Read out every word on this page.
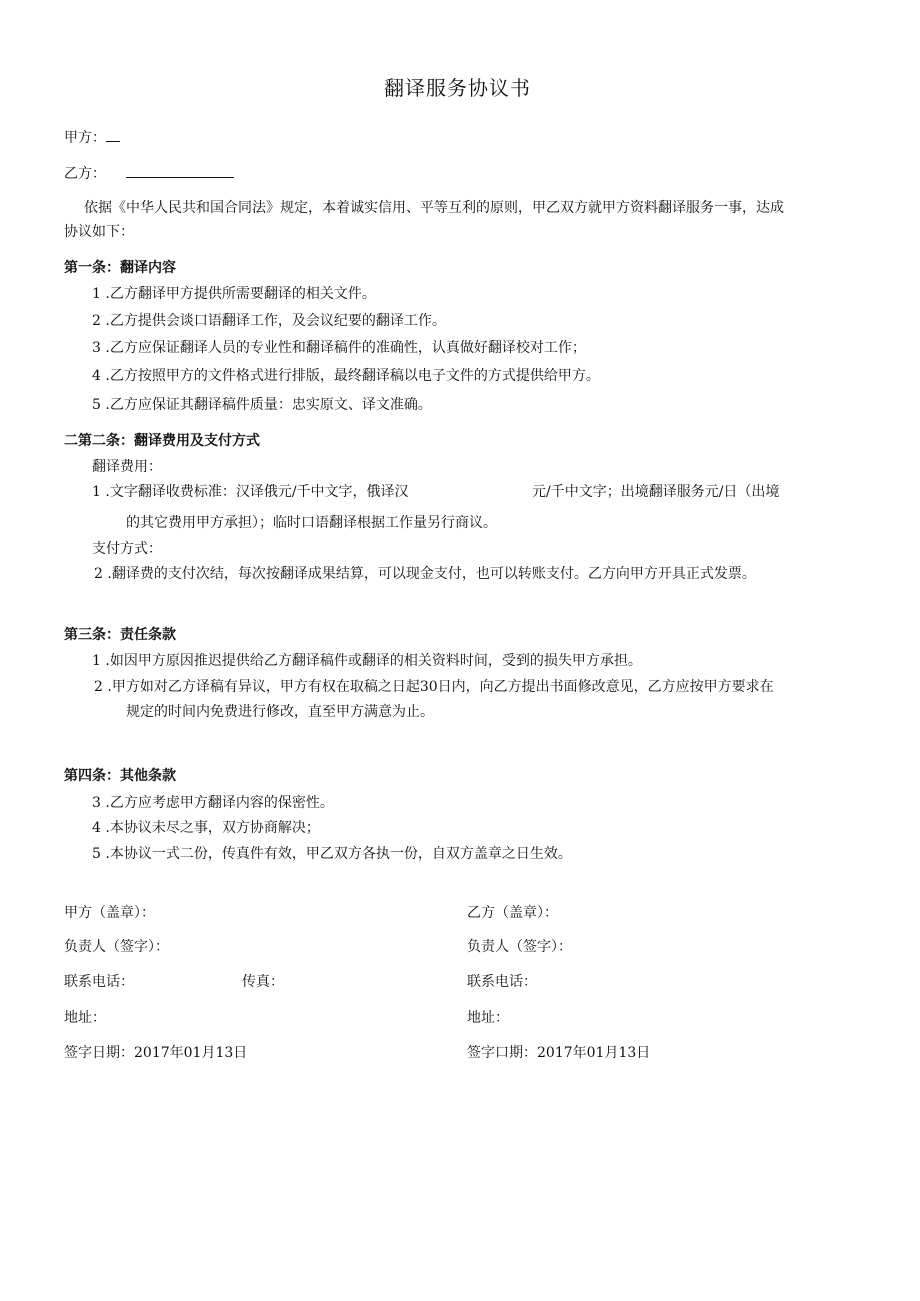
翻译服务协议书
甲方：
乙方：
依据《中华人民共和国合同法》规定，本着诚实信用、平等互利的原则，甲乙双方就甲方资料翻译服务一事，达成
协议如下：
第一条：翻译内容
1 .乙方翻译甲方提供所需要翻译的相关文件。
2 .乙方提供会谈口语翻译工作，及会议纪要的翻译工作。
3 .乙方应保证翻译人员的专业性和翻译稿件的准确性，认真做好翻译校对工作；
4 .乙方按照甲方的文件格式进行排版，最终翻译稿以电子文件的方式提供给甲方。
5 .乙方应保证其翻译稿件质量：忠实原文、译文准确。
二第二条：翻译费用及支付方式
翻译费用：
1 .文字翻译收费标准：汉译俄元/千中文字，俄译汉	元/千中文字；出境翻译服务元/日（出境
的其它费用甲方承担）；临时口语翻译根据工作量另行商议。
支付方式：
2 .翻译费的支付次结，每次按翻译成果结算，可以现金支付，也可以转账支付。乙方向甲方开具正式发票。
第三条：责任条款
1 .如因甲方原因推迟提供给乙方翻译稿件或翻译的相关资料时间，受到的损失甲方承担。
2 .甲方如对乙方译稿有异议，甲方有权在取稿之日起30日内，向乙方提出书面修改意见，乙方应按甲方要求在
规定的时间内免费进行修改，直至甲方满意为止。
第四条：其他条款
3 .乙方应考虑甲方翻译内容的保密性。
4 .本协议未尽之事，双方协商解决；
5 .本协议一式二份，传真件有效，甲乙双方各执一份，自双方盖章之日生效。
甲方（盖章）：	乙方（盖章）：
负责人（签字）：	负责人（签字）：
联系电话：	传真：	联系电话：
地址：	地址：
签字日期：2017年01月13日	签字口期：2017年01月13日
